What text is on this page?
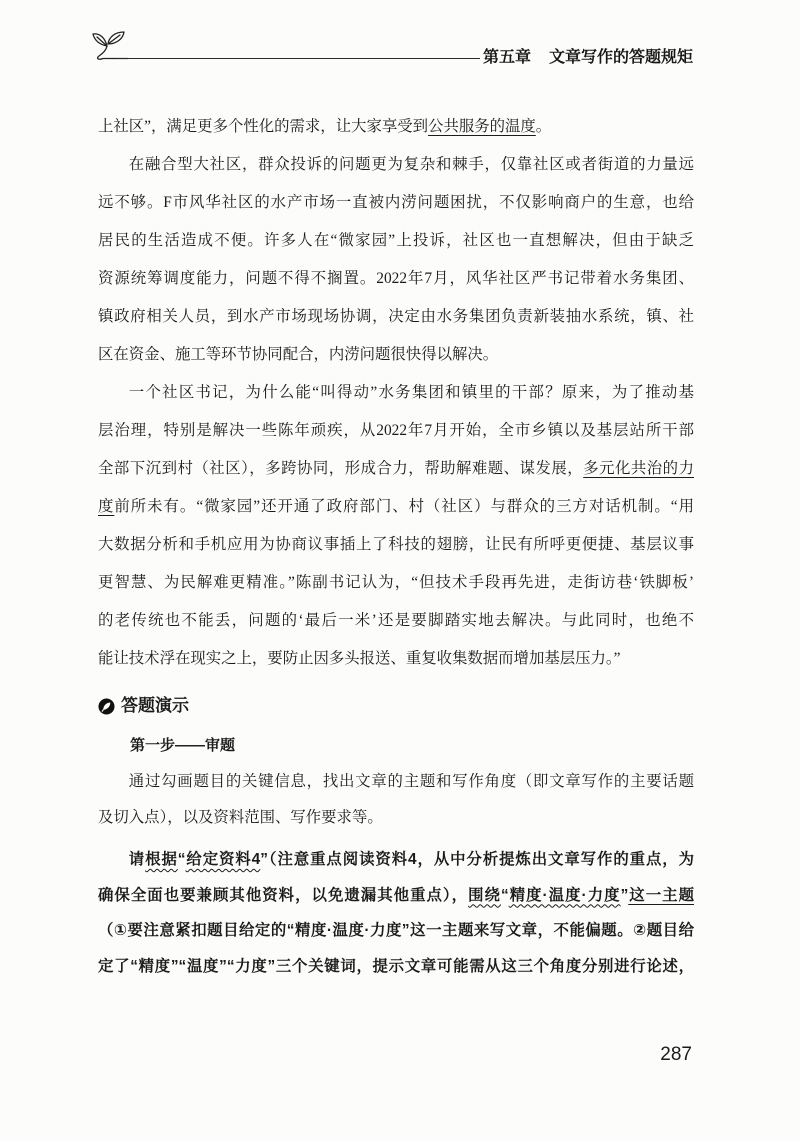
第五章 文章写作的答题规矩
上社区”，满足更多个性化的需求，让大家享受到公共服务的温度。
在融合型大社区，群众投诉的问题更为复杂和棘手，仅靠社区或者街道的力量远
远不够。F市风华社区的水产市场一直被内涝问题困扰，不仅影响商户的生意，也给
居民的生活造成不便。许多人在“微家园”上投诉，社区也一直想解决，但由于缺乏
资源统筹调度能力，问题不得不搁置。2022年7月，风华社区严书记带着水务集团、
镇政府相关人员，到水产市场现场协调，决定由水务集团负责新装抽水系统，镇、社
区在资金、施工等环节协同配合，内涝问题很快得以解决。
一个社区书记，为什么能“叫得动”水务集团和镇里的干部？原来，为了推动基
层治理，特别是解决一些陈年顽疾，从2022年7月开始，全市乡镇以及基层站所干部
全部下沉到村（社区），多跨协同，形成合力，帮助解难题、谋发展，多元化共治的力
度前所未有。“微家园”还开通了政府部门、村（社区）与群众的三方对话机制。“用
大数据分析和手机应用为协商议事插上了科技的翅膀，让民有所呼更便捷、基层议事
更智慧、为民解难更精准。”陈副书记认为，“但技术手段再先进，走街访巷‘铁脚板’
的老传统也不能丢，问题的‘最后一米’还是要脚踏实地去解决。与此同时，也绝不
能让技术浮在现实之上，要防止因多头报送、重复收集数据而增加基层压力。”
答题演示
第一步——审题
通过勾画题目的关键信息，找出文章的主题和写作角度（即文章写作的主要话题
及切入点），以及资料范围、写作要求等。
请根据“给定资料4”（注意重点阅读资料4，从中分析提炼出文章写作的重点，为
确保全面也要兼顾其他资料，以免遗漏其他重点），围绕“精度·温度·力度”这一主题
（①要注意紧扣题目给定的“精度·温度·力度”这一主题来写文章，不能偏题。②题目给
定了“精度”“温度”“力度”三个关键词，提示文章可能需从这三个角度分别进行论述，
287
